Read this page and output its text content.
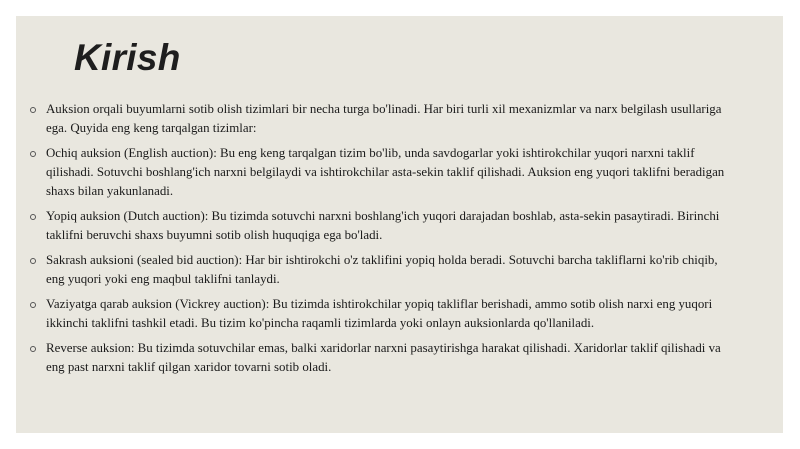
Kirish
Auksion orqali buyumlarni sotib olish tizimlari bir necha turga bo'linadi. Har biri turli xil mexanizmlar va narx belgilash usullariga ega. Quyida eng keng tarqalgan tizimlar:
Ochiq auksion (English auction): Bu eng keng tarqalgan tizim bo'lib, unda savdogarlar yoki ishtirokchilar yuqori narxni taklif qilishadi. Sotuvchi boshlang'ich narxni belgilaydi va ishtirokchilar asta-sekin taklif qilishadi. Auksion eng yuqori taklifni beradigan shaxs bilan yakunlanadi.
Yopiq auksion (Dutch auction): Bu tizimda sotuvchi narxni boshlang'ich yuqori darajadan boshlab, asta-sekin pasaytiradi. Birinchi taklifni beruvchi shaxs buyumni sotib olish huquqiga ega bo'ladi.
Sakrash auksioni (sealed bid auction): Har bir ishtirokchi o'z taklifini yopiq holda beradi. Sotuvchi barcha takliflarni ko'rib chiqib, eng yuqori yoki eng maqbul taklifni tanlaydi.
Vaziyatga qarab auksion (Vickrey auction): Bu tizimda ishtirokchilar yopiq takliflar berishadi, ammo sotib olish narxi eng yuqori ikkinchi taklifni tashkil etadi. Bu tizim ko'pincha raqamli tizimlarda yoki onlayn auksionlarda qo'llaniladi.
Reverse auksion: Bu tizimda sotuvchilar emas, balki xaridorlar narxni pasaytirishga harakat qilishadi. Xaridorlar taklif qilishadi va eng past narxni taklif qilgan xaridor tovarni sotib oladi.
